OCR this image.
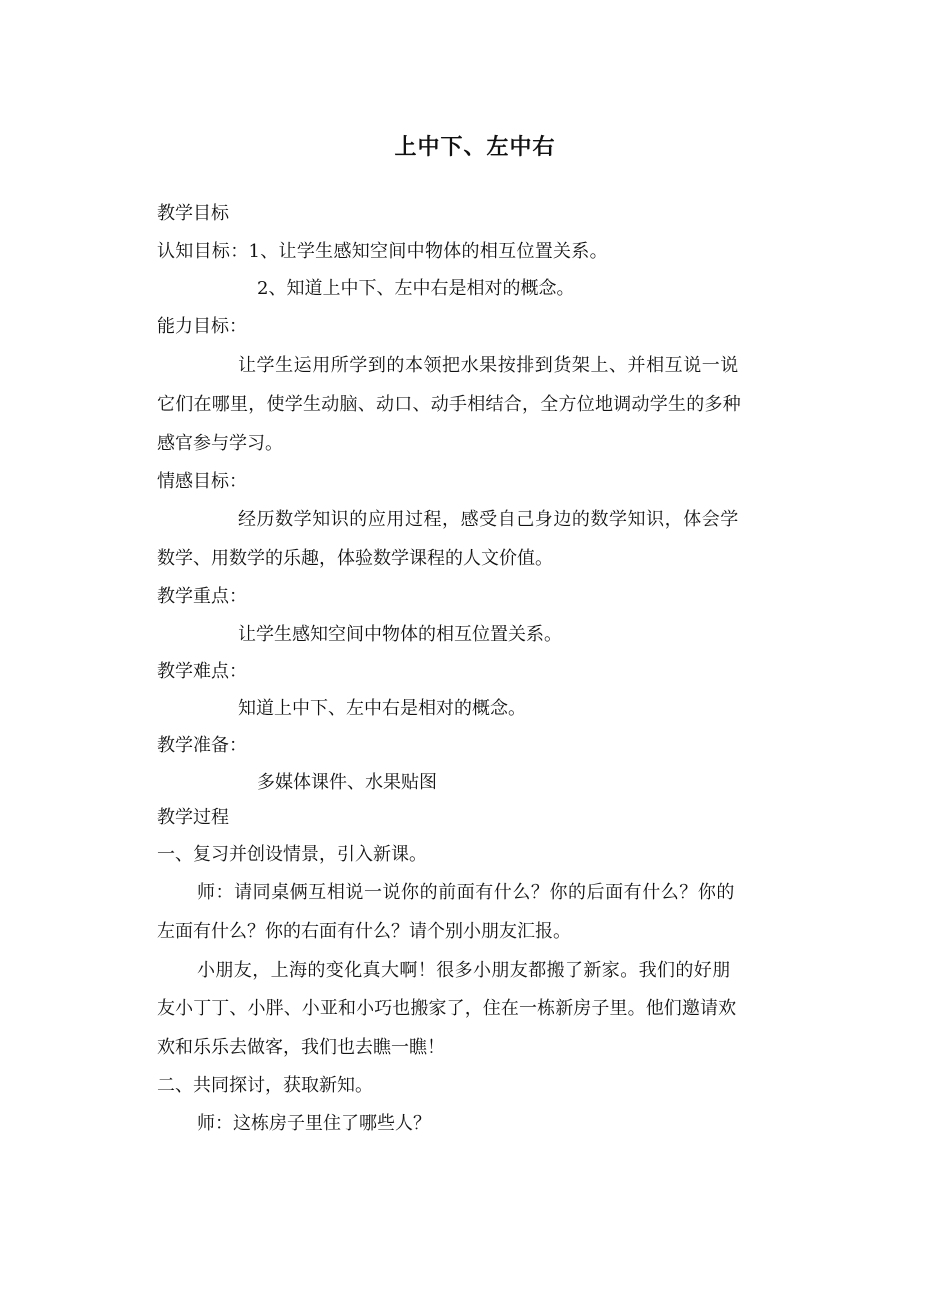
上中下、左中右
教学目标
认知目标：1、让学生感知空间中物体的相互位置关系。
2、知道上中下、左中右是相对的概念。
能力目标：
让学生运用所学到的本领把水果按排到货架上、并相互说一说
它们在哪里，使学生动脑、动口、动手相结合，全方位地调动学生的多种
感官参与学习。
情感目标：
经历数学知识的应用过程，感受自己身边的数学知识，体会学
数学、用数学的乐趣，体验数学课程的人文价值。
教学重点：
让学生感知空间中物体的相互位置关系。
教学难点：
知道上中下、左中右是相对的概念。
教学准备：
多媒体课件、水果贴图
教学过程
一、复习并创设情景，引入新课。
师：请同桌俩互相说一说你的前面有什么？你的后面有什么？你的
左面有什么？你的右面有什么？请个别小朋友汇报。
小朋友，上海的变化真大啊！很多小朋友都搬了新家。我们的好朋
友小丁丁、小胖、小亚和小巧也搬家了，住在一栋新房子里。他们邀请欢
欢和乐乐去做客，我们也去瞧一瞧！
二、共同探讨，获取新知。
师：这栋房子里住了哪些人？
